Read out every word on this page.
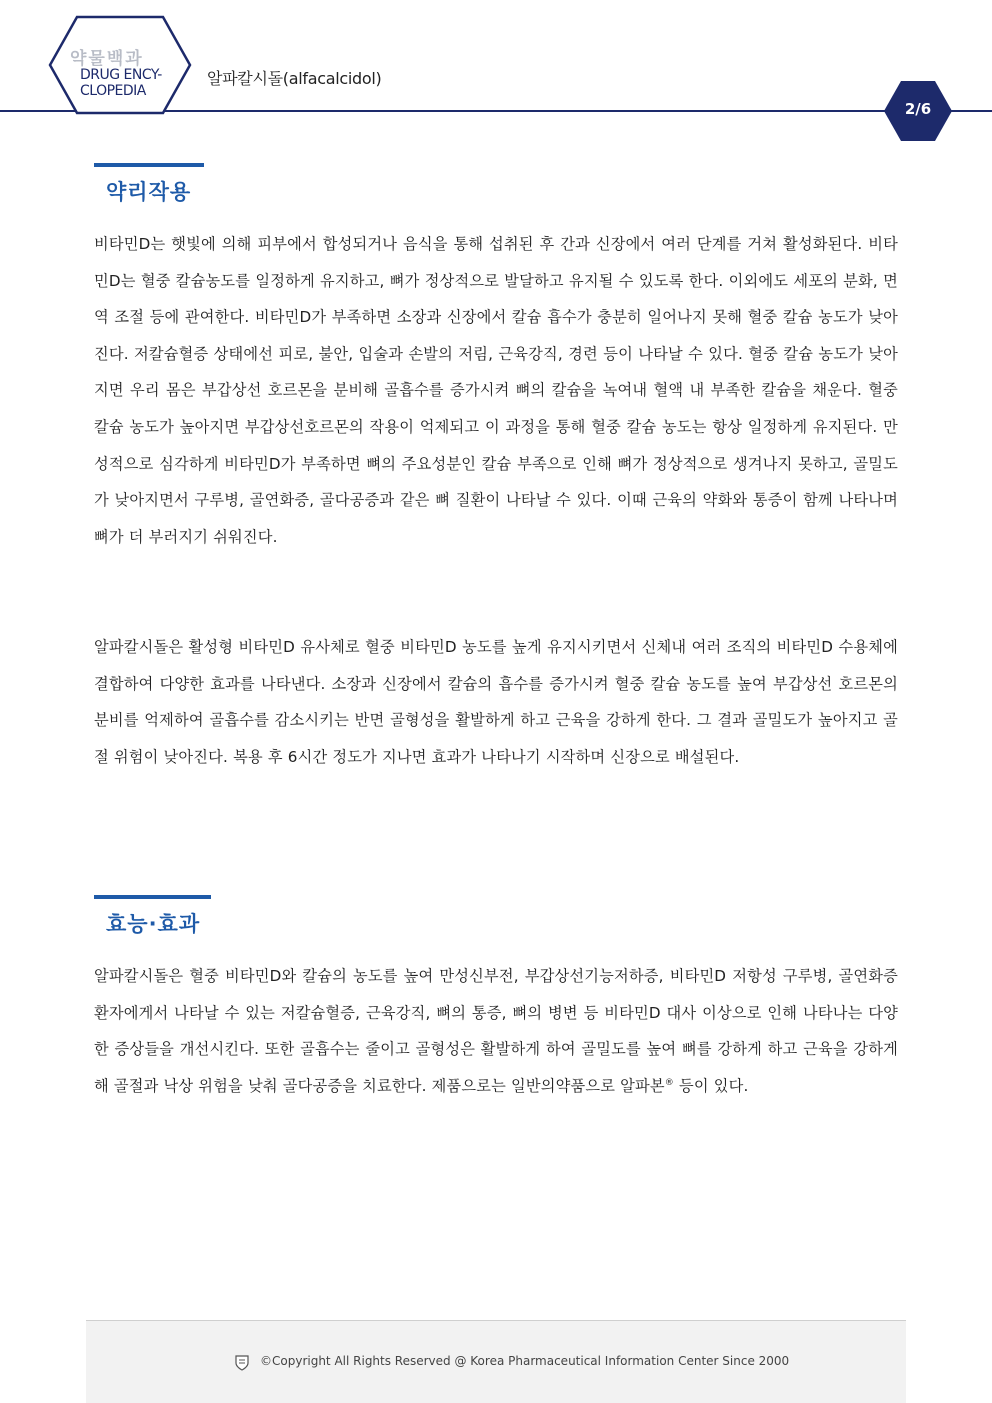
약물백과
DRUG ENCY-
CLOPEDIA
알파칼시돌(alfacalcidol)
2/6
약리작용

비타민D는 햇빛에 의해 피부에서 합성되거나 음식을 통해 섭취된 후 간과 신장에서 여러 단계를 거쳐 활성화된다. 비타민D는 혈중 칼슘농도를 일정하게 유지하고, 뼈가 정상적으로 발달하고 유지될 수 있도록 한다. 이외에도 세포의 분화, 면역 조절 등에 관여한다. 비타민D가 부족하면 소장과 신장에서 칼슘 흡수가 충분히 일어나지 못해 혈중 칼슘 농도가 낮아진다. 저칼슘혈증 상태에선 피로, 불안, 입술과 손발의 저림, 근육강직, 경련 등이 나타날 수 있다. 혈중 칼슘 농도가 낮아지면 우리 몸은 부갑상선 호르몬을 분비해 골흡수를 증가시켜 뼈의 칼슘을 녹여내 혈액 내 부족한 칼슘을 채운다. 혈중 칼슘 농도가 높아지면 부갑상선호르몬의 작용이 억제되고 이 과정을 통해 혈중 칼슘 농도는 항상 일정하게 유지된다. 만성적으로 심각하게 비타민D가 부족하면 뼈의 주요성분인 칼슘 부족으로 인해 뼈가 정상적으로 생겨나지 못하고, 골밀도가 낮아지면서 구루병, 골연화증, 골다공증과 같은 뼈 질환이 나타날 수 있다. 이때 근육의 약화와 통증이 함께 나타나며 뼈가 더 부러지기 쉬워진다.

알파칼시돌은 활성형 비타민D 유사체로 혈중 비타민D 농도를 높게 유지시키면서 신체내 여러 조직의 비타민D 수용체에 결합하여 다양한 효과를 나타낸다. 소장과 신장에서 칼슘의 흡수를 증가시켜 혈중 칼슘 농도를 높여 부갑상선 호르몬의 분비를 억제하여 골흡수를 감소시키는 반면 골형성을 활발하게 하고 근육을 강하게 한다. 그 결과 골밀도가 높아지고 골절 위험이 낮아진다. 복용 후 6시간 정도가 지나면 효과가 나타나기 시작하며 신장으로 배설된다.

효능·효과

알파칼시돌은 혈중 비타민D와 칼슘의 농도를 높여 만성신부전, 부갑상선기능저하증, 비타민D 저항성 구루병, 골연화증 환자에게서 나타날 수 있는 저칼슘혈증, 근육강직, 뼈의 통증, 뼈의 병변 등 비타민D 대사 이상으로 인해 나타나는 다양한 증상들을 개선시킨다. 또한 골흡수는 줄이고 골형성은 활발하게 하여 골밀도를 높여 뼈를 강하게 하고 근육을 강하게 해 골절과 낙상 위험을 낮춰 골다공증을 치료한다. 제품으로는 일반의약품으로 알파본® 등이 있다.

©Copyright All Rights Reserved @ Korea Pharmaceutical Information Center Since 2000
